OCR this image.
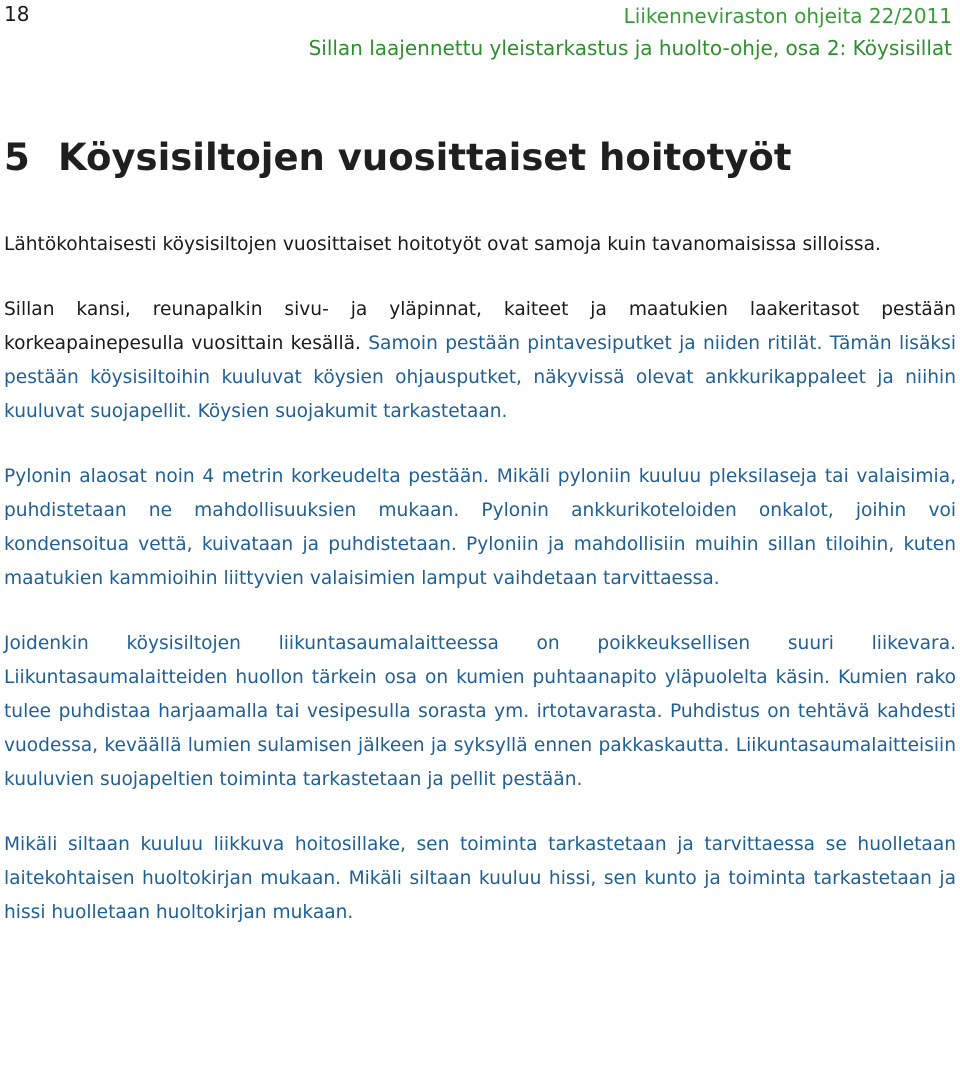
18	Liikenneviraston ohjeita 22/2011
Sillan laajennettu yleistarkastus ja huolto-ohje, osa 2: Köysisillat
5 Köysisiltojen vuosittaiset hoitotyöt

Lähtökohtaisesti köysisiltojen vuosittaiset hoitotyöt ovat samoja kuin tavanomaisissa silloissa.

Sillan kansi, reunapalkin sivu- ja yläpinnat, kaiteet ja maatukien laakeritasot pestään korkeapainepesulla vuosittain kesällä. Samoin pestään pintavesiputket ja niiden ritilät. Tämän lisäksi pestään köysisiltoihin kuuluvat köysien ohjausputket, näkyvissä olevat ankkurikappaleet ja niihin kuuluvat suojapellit. Köysien suojakumit tarkastetaan.

Pylonin alaosat noin 4 metrin korkeudelta pestään. Mikäli pyloniin kuuluu pleksilaseja tai valaisimia, puhdistetaan ne mahdollisuuksien mukaan. Pylonin ankkurikoteloiden onkalot, joihin voi kondensoitua vettä, kuivataan ja puhdistetaan. Pyloniin ja mahdollisiin muihin sillan tiloihin, kuten maatukien kammioihin liittyvien valaisimien lamput vaihdetaan tarvittaessa.

Joidenkin köysisiltojen liikuntasaumalaitteessa on poikkeuksellisen suuri liikevara. Liikuntasaumalaitteiden huollon tärkein osa on kumien puhtaanapito yläpuolelta käsin. Kumien rako tulee puhdistaa harjaamalla tai vesipesulla sorasta ym. irtotavarasta. Puhdistus on tehtävä kahdesti vuodessa, keväällä lumien sulamisen jälkeen ja syksyllä ennen pakkaskautta. Liikuntasaumalaitteisiin kuuluvien suojapeltien toiminta tarkastetaan ja pellit pestään.

Mikäli siltaan kuuluu liikkuva hoitosillake, sen toiminta tarkastetaan ja tarvittaessa se huolletaan laitekohtaisen huoltokirjan mukaan. Mikäli siltaan kuuluu hissi, sen kunto ja toiminta tarkastetaan ja hissi huolletaan huoltokirjan mukaan.
